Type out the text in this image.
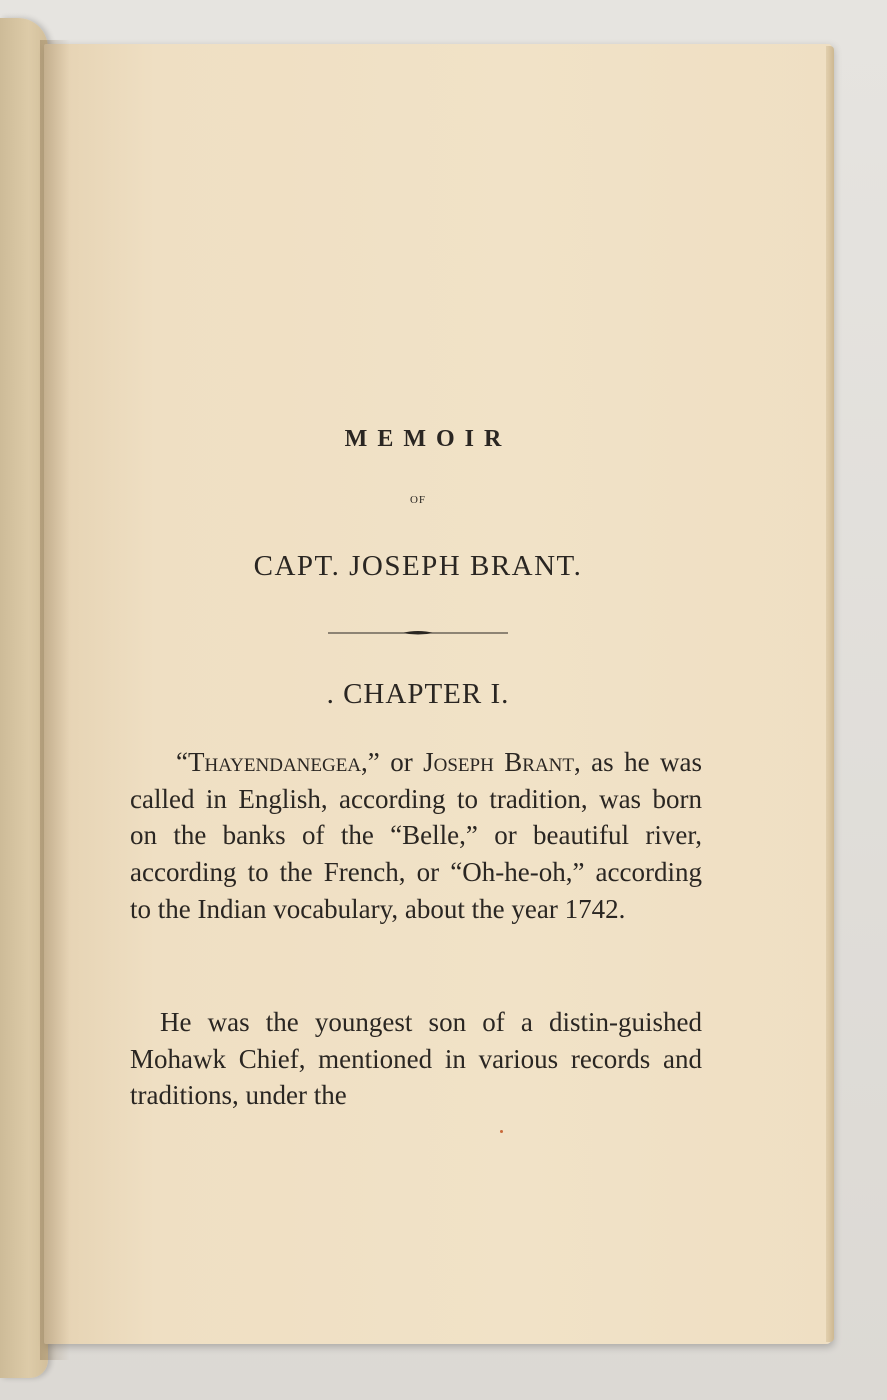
MEMOIR
OF
CAPT. JOSEPH BRANT.
. CHAPTER I.
“Thayendanegea,” or Joseph Brant, as he was called in English, according to tradition, was born on the banks of the “Belle,” or beautiful river, according to the French, or “Oh-he-oh,” according to the Indian vocabulary, about the year 1742.
He was the youngest son of a distin-guished Mohawk Chief, mentioned in various records and traditions, under the
